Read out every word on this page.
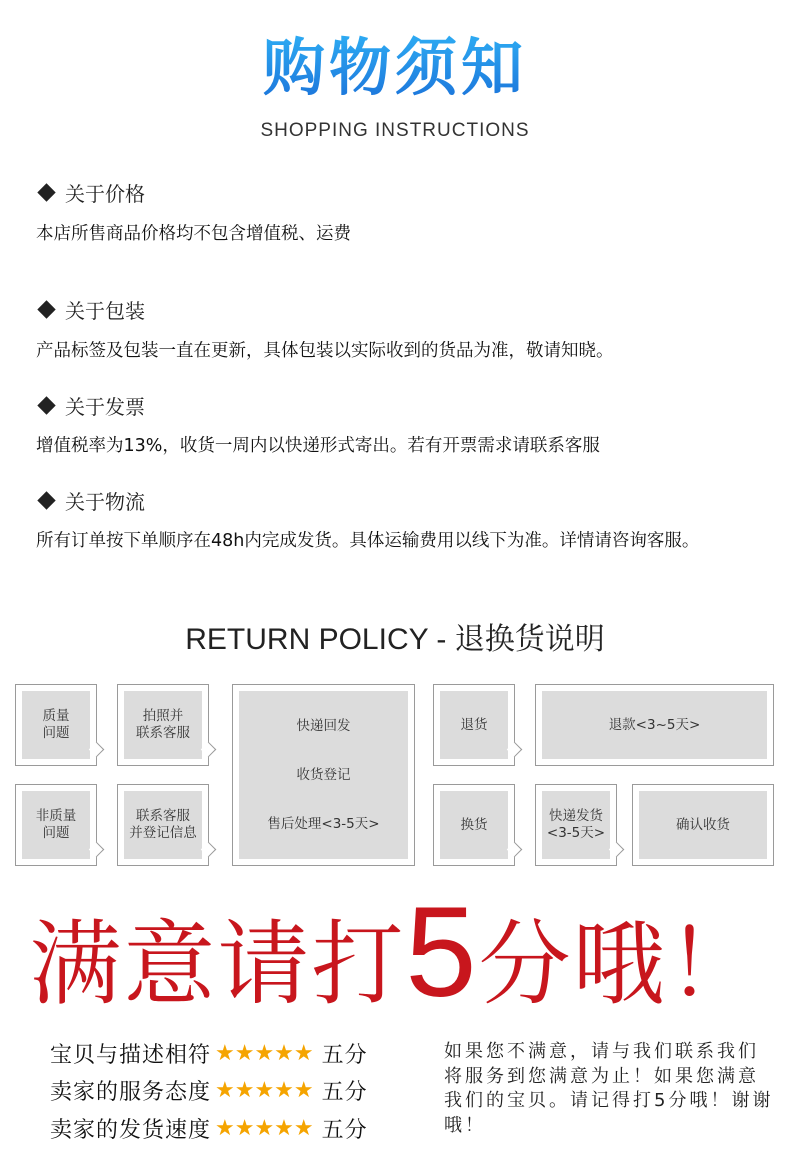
购物须知
SHOPPING INSTRUCTIONS
关于价格
本店所售商品价格均不包含增值税、运费
关于包装
产品标签及包装一直在更新，具体包装以实际收到的货品为准，敬请知晓。
关于发票
增值税率为13%，收货一周内以快递形式寄出。若有开票需求请联系客服
关于物流
所有订单按下单顺序在48h内完成发货。具体运输费用以线下为准。详情请咨询客服。
RETURN POLICY - 退换货说明
质量
问题
拍照并
联系客服
非质量
问题
联系客服
并登记信息
快递回发
收货登记
售后处理<3-5天>
退货	退款<3~5天>
换货
快递发货
<3-5天>
确认收货
满意请打5分哦！
宝贝与描述相符 ★★★★★ 五分
卖家的服务态度 ★★★★★ 五分
卖家的发货速度 ★★★★★ 五分
如果您不满意，请与我们联系我们将服务到您满意为止！如果您满意我们的宝贝。请记得打5分哦！谢谢哦！
